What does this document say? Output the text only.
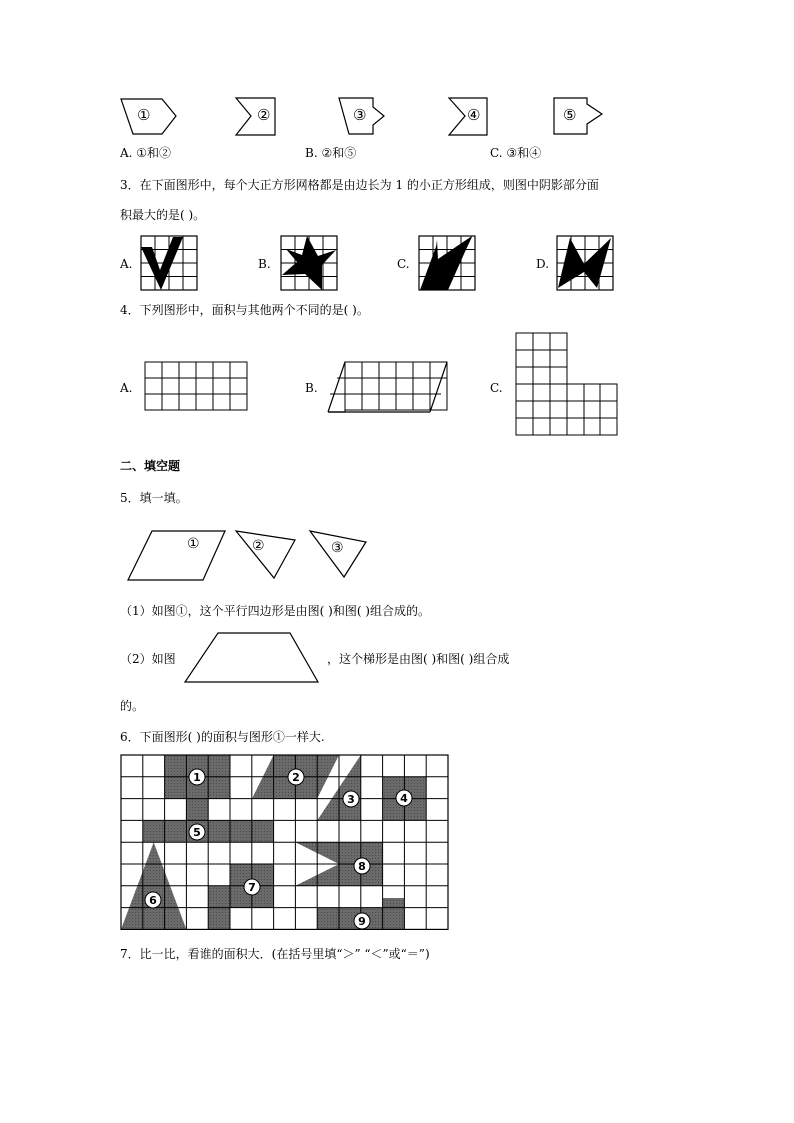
①	②	③	④	⑤
A. ①和②	B. ②和⑤	C. ③和④
3．在下面图形中，每个大正方形网格都是由边长为 1 的小正方形组成，则图中阴影部分面
积最大的是( )。
A.	B.	C.	D.
4．下列图形中，面积与其他两个不同的是( )。
A.	B.	C.
二、填空题
5．填一填。
①	②	③
（1）如图①，这个平行四边形是由图( )和图( )组合成的。
（2）如图	，这个梯形是由图( )和图( )组合成
的。
6．下面图形( )的面积与图形①一样大.
1	2
3	4
5
6
7
8
9
7．比一比，看谁的面积大．(在括号里填“＞” “＜”或“＝”)
